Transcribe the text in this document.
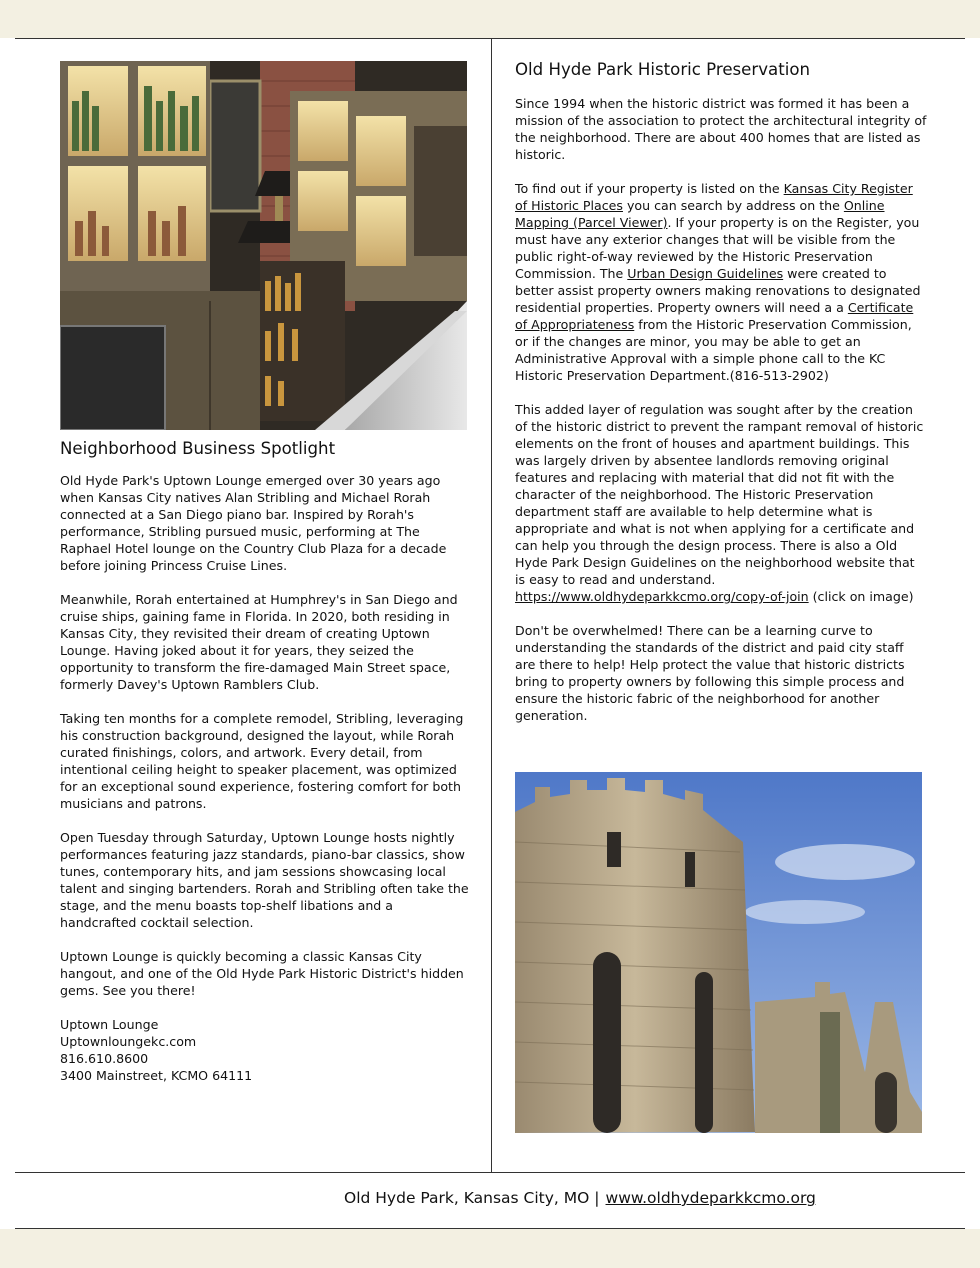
Neighborhood Business Spotlight

Old Hyde Park's Uptown Lounge emerged over 30 years ago when Kansas City natives Alan Stribling and Michael Rorah connected at a San Diego piano bar. Inspired by Rorah's performance, Stribling pursued music, performing at The Raphael Hotel lounge on the Country Club Plaza for a decade before joining Princess Cruise Lines.

Meanwhile, Rorah entertained at Humphrey's in San Diego and cruise ships, gaining fame in Florida. In 2020, both residing in Kansas City, they revisited their dream of creating Uptown Lounge. Having joked about it for years, they seized the opportunity to transform the fire-damaged Main Street space, formerly Davey's Uptown Ramblers Club.

Taking ten months for a complete remodel, Stribling, leveraging his construction background, designed the layout, while Rorah curated finishings, colors, and artwork. Every detail, from intentional ceiling height to speaker placement, was optimized for an exceptional sound experience, fostering comfort for both musicians and patrons.

Open Tuesday through Saturday, Uptown Lounge hosts nightly performances featuring jazz standards, piano-bar classics, show tunes, contemporary hits, and jam sessions showcasing local talent and singing bartenders. Rorah and Stribling often take the stage, and the menu boasts top-shelf libations and a handcrafted cocktail selection.

Uptown Lounge is quickly becoming a classic Kansas City hangout, and one of the Old Hyde Park Historic District's hidden gems. See you there!

Uptown Lounge

Uptownloungekc.com

816.610.8600

3400 Mainstreet, KCMO 64111

Old Hyde Park Historic Preservation

Since 1994 when the historic district was formed it has been a mission of the association to protect the architectural integrity of the neighborhood. There are about 400 homes that are listed as historic.

To find out if your property is listed on the Kansas City Register of Historic Places you can search by address on the Online Mapping (Parcel Viewer). If your property is on the Register, you must have any exterior changes that will be visible from the public right-of-way reviewed by the Historic Preservation Commission. The Urban Design Guidelines were created to better assist property owners making renovations to designated residential properties. Property owners will need a a Certificate of Appropriateness from the Historic Preservation Commission, or if the changes are minor, you may be able to get an Administrative Approval with a simple phone call to the KC Historic Preservation Department.(816-513-2902)

This added layer of regulation was sought after by the creation of the historic district to prevent the rampant removal of historic elements on the front of houses and apartment buildings. This was largely driven by absentee landlords removing original features and replacing with material that did not fit with the character of the neighborhood. The Historic Preservation department staff are available to help determine what is appropriate and what is not when applying for a certificate and can help you through the design process. There is also a Old Hyde Park Design Guidelines on the neighborhood website that is easy to read and understand. https://www.oldhydeparkkcmo.org/copy-of-join (click on image)

Don't be overwhelmed! There can be a learning curve to understanding the standards of the district and paid city staff are there to help! Help protect the value that historic districts bring to property owners by following this simple process and ensure the historic fabric of the neighborhood for another generation.

Old Hyde Park, Kansas City, MO | www.oldhydeparkkcmo.org
